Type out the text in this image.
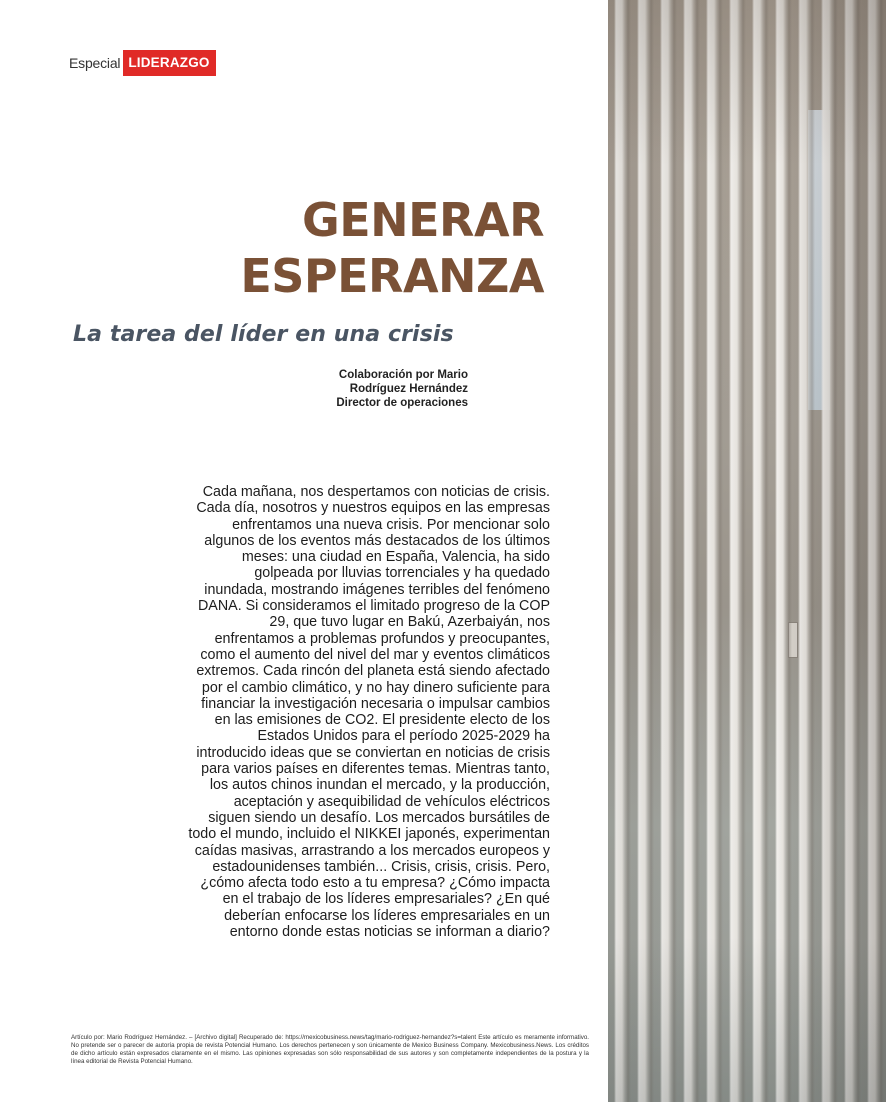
Especial LIDERAZGO
GENERAR
ESPERANZA
La tarea del líder en una crisis
Colaboración por Mario
Rodríguez Hernández
Director de operaciones
Cada mañana, nos despertamos con noticias de crisis. Cada día, nosotros y nuestros equipos en las empresas enfrentamos una nueva crisis. Por mencionar solo algunos de los eventos más destacados de los últimos meses: una ciudad en España, Valencia, ha sido golpeada por lluvias torrenciales y ha quedado inundada, mostrando imágenes terribles del fenómeno DANA. Si consideramos el limitado progreso de la COP 29, que tuvo lugar en Bakú, Azerbaiyán, nos enfrentamos a problemas profundos y preocupantes, como el aumento del nivel del mar y eventos climáticos extremos. Cada rincón del planeta está siendo afectado por el cambio climático, y no hay dinero suficiente para financiar la investigación necesaria o impulsar cambios en las emisiones de CO2. El presidente electo de los Estados Unidos para el período 2025-2029 ha introducido ideas que se conviertan en noticias de crisis para varios países en diferentes temas. Mientras tanto, los autos chinos inundan el mercado, y la producción, aceptación y asequibilidad de vehículos eléctricos siguen siendo un desafío. Los mercados bursátiles de todo el mundo, incluido el NIKKEI japonés, experimentan caídas masivas, arrastrando a los mercados europeos y estadounidenses también... Crisis, crisis, crisis. Pero, ¿cómo afecta todo esto a tu empresa? ¿Cómo impacta en el trabajo de los líderes empresariales? ¿En qué deberían enfocarse los líderes empresariales en un entorno donde estas noticias se informan a diario?
Artículo por: Mario Rodríguez Hernández. – [Archivo digital] Recuperado de: https://mexicobusiness.news/tag/mario-rodriguez-hernandez?s=talent Este artículo es meramente informativo. No pretende ser o parecer de autoría propia de revista Potencial Humano. Los derechos pertenecen y son únicamente de Mexico Business Company. Mexicobusiness.News. Los créditos de dicho artículo están expresados claramente en el mismo. Las opiniones expresadas son sólo responsabilidad de sus autores y son completamente independientes de la postura y la línea editorial de Revista Potencial Humano.
